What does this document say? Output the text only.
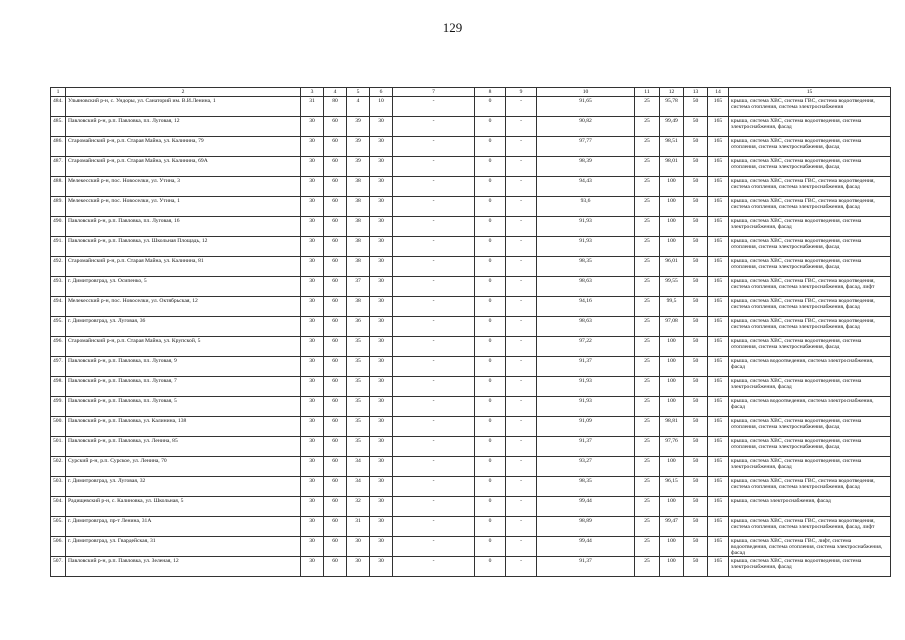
129
1	2	3	4	5	6	7	8	9	10	11	12	13	14	15

484.	Ульяновский р-н, с. Ундоры, ул. Санаторий им. В.И.Ленина, 1	31	80	4	10	-	0	-	91,65	25	95,78	50	165	крыша, система ХВС, система ГВС, система водоотведения, система отопления, система электроснабжения

485.	Павловский р-н, р.п. Павловка, пл. Луговая, 12	30	60	39	30	-	0	-	90,82	25	99,49	50	165	крыша, система ХВС, система водоотведения, система электроснабжения, фасад

486.	Старомайнский р-н, р.п. Старая Майна, ул. Калинина, 79	30	60	39	30	-	0	-	97,77	25	98,51	50	165	крыша, система ХВС, система водоотведения, система отопления, система электроснабжения, фасад

487.	Старомайнский р-н, р.п. Старая Майна, ул. Калинина, 69А	30	60	39	30	-	0	-	98,39	25	98,01	50	165	крыша, система ХВС, система водоотведения, система отопления, система электроснабжения, фасад

488.	Мелекесский р-н, пос. Новоселки, ул. Утина, 3	30	60	38	30	-	0	-	94,43	25	100	50	165	крыша, система ХВС, система ГВС, система водоотведения, система отопления, система электроснабжения, фасад

489.	Мелекесский р-н, пос. Новоселки, ул. Утина, 1	30	60	38	30	-	0	-	93,6	25	100	50	165	крыша, система ХВС, система ГВС, система водоотведения, система отопления, система электроснабжения, фасад

490.	Павловский р-н, р.п. Павловка, пл. Луговая, 16	30	60	38	30	-	0	-	91,93	25	100	50	165	крыша, система ХВС, система водоотведения, система электроснабжения, фасад

491.	Павловский р-н, р.п. Павловка, ул. Школьная Площадь, 12	30	60	38	30	-	0	-	91,93	25	100	50	165	крыша, система ХВС, система водоотведения, система отопления, система электроснабжения, фасад

492.	Старомайнский р-н, р.п. Старая Майна, ул. Калинина, 81	30	60	38	30	-	0	-	98,35	25	96,01	50	165	крыша, система ХВС, система водоотведения, система отопления, система электроснабжения, фасад

493.	г. Димитровград, ул. Осипенко, 5	30	60	37	30	-	0	-	98,63	25	99,55	50	165	крыша, система ХВС, система ГВС, система водоотведения, система отопления, система электроснабжения, фасад, лифт

494.	Мелекесский р-н, пос. Новоселки, ул. Октябрьская, 12	30	60	38	30	-	0	-	94,16	25	99,5	50	165	крыша, система ХВС, система ГВС, система водоотведения, система отопления, система электроснабжения, фасад

495.	г. Димитровград, ул. Луговая, 36	30	60	36	30	-	0	-	98,63	25	97,08	50	165	крыша, система ХВС, система ГВС, система водоотведения, система отопления, система электроснабжения, фасад

496.	Старомайнский р-н, р.п. Старая Майна, ул. Крупской, 5	30	60	35	30	-	0	-	97,22	25	100	50	165	крыша, система ХВС, система водоотведения, система отопления, система электроснабжения, фасад

497.	Павловский р-н, р.п. Павловка, пл. Луговая, 9	30	60	35	30	-	0	-	91,37	25	100	50	165	крыша, система водоотведения, система электроснабжения, фасад

498.	Павловский р-н, р.п. Павловка, пл. Луговая, 7	30	60	35	30	-	0	-	91,93	25	100	50	165	крыша, система ХВС, система водоотведения, система электроснабжения, фасад

499.	Павловский р-н, р.п. Павловка, пл. Луговая, 5	30	60	35	30	-	0	-	91,93	25	100	50	165	крыша, система водоотведения, система электроснабжения, фасад

500.	Павловский р-н, р.п. Павловка, ул. Калинина, 138	30	60	35	30	-	0	-	91,09	25	98,81	50	165	крыша, система ХВС, система водоотведения, система отопления, система электроснабжения, фасад

501.	Павловский р-н, р.п. Павловка, ул. Ленина, 85	30	60	35	30	-	0	-	91,37	25	97,76	50	165	крыша, система ХВС, система водоотведения, система отопления, система электроснабжения, фасад

502.	Сурский р-н, р.п. Сурское, ул. Ленина, 70	30	60	34	30	-	0	-	93,27	25	100	50	165	крыша, система ХВС, система водоотведения, система электроснабжения, фасад

503.	г. Димитровград, ул. Луговая, 32	30	60	34	30	-	0	-	98,35	25	96,15	50	165	крыша, система ХВС, система ГВС, система водоотведения, система отопления, система электроснабжения, фасад

504.	Радищевский р-н, с. Калиновка, ул. Школьная, 5	30	60	32	30	-	0	-	99,44	25	100	50	165	крыша, система электроснабжения, фасад

505.	г. Димитровград, пр-т Ленина, 31А	30	60	31	30	-	0	-	98,89	25	99,47	50	165	крыша, система ХВС, система ГВС, система водоотведения, система отопления, система электроснабжения, фасад, лифт

506.	г. Димитровград, ул. Гвардейская, 31	30	60	30	30	-	0	-	99,44	25	100	50	165	крыша, система ХВС, система ГВС, лифт, система водоотведения, система отопления, система электроснабжения, фасад

507.	Павловский р-н, р.п. Павловка, ул. Зеленая, 12	30	60	30	30	-	0	-	91,37	25	100	50	165	крыша, система ХВС, система водоотведения, система электроснабжения, фасад
